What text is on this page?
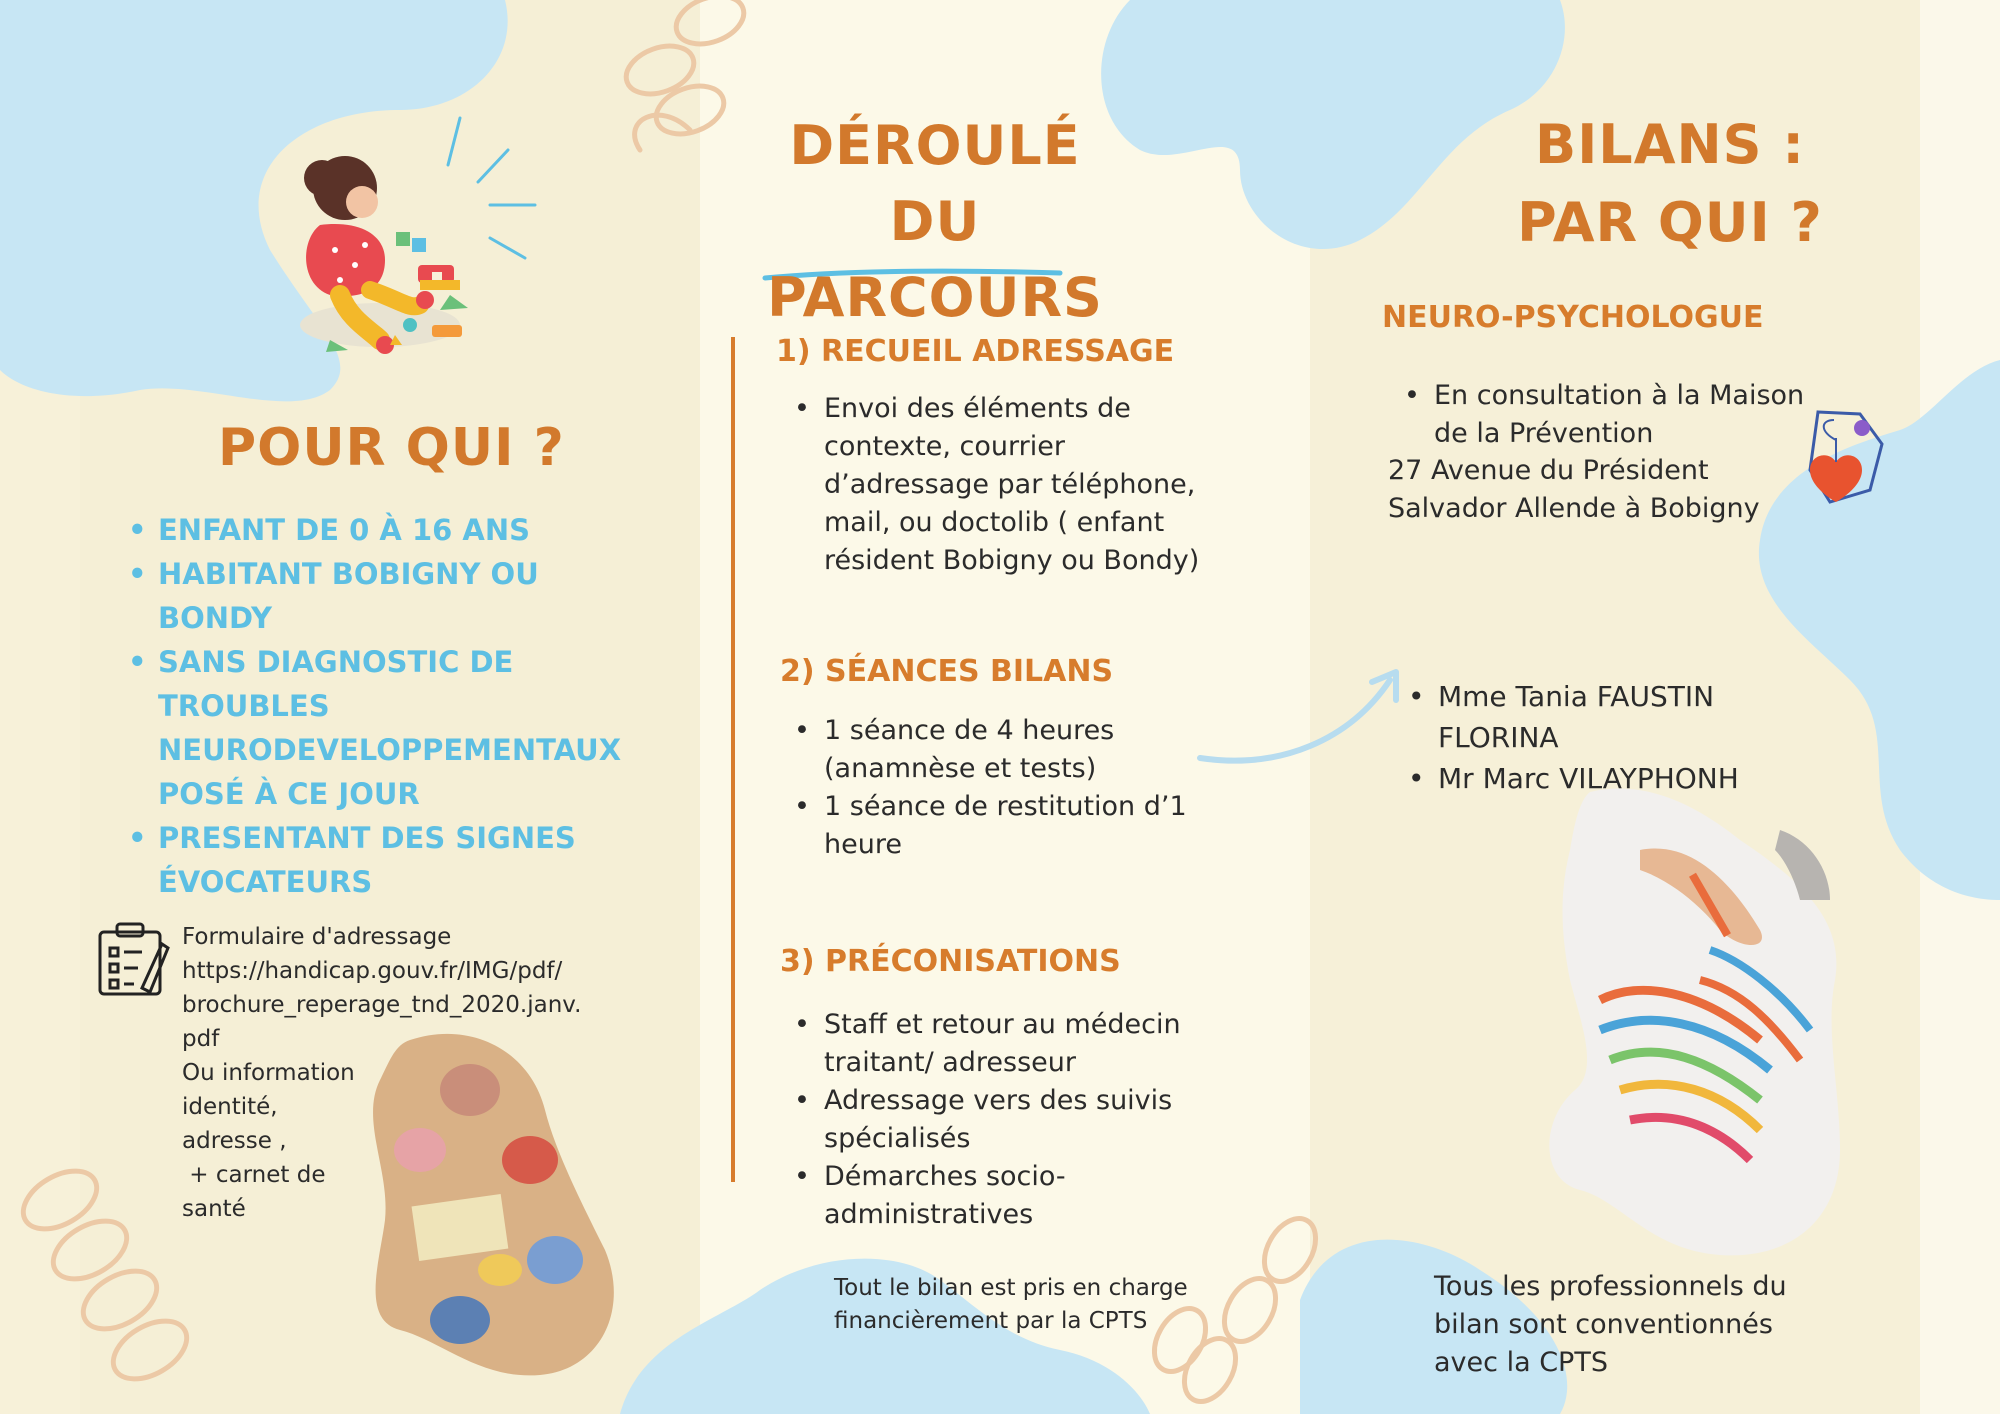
POUR QUI ?
• ENFANT DE 0 À 16 ANS
• HABITANT BOBIGNY OU BONDY
• SANS DIAGNOSTIC DE TROUBLES NEURODEVELOPPEMENTAUX POSÉ À CE JOUR
• PRESENTANT DES SIGNES ÉVOCATEURS
Formulaire d'adressage
https://handicap.gouv.fr/IMG/pdf/
brochure_reperage_tnd_2020.janv.
pdf
Ou information
identité,
adresse ,
+ carnet de
santé
DÉROULÉ DU
PARCOURS
1) RECUEIL ADRESSAGE
• Envoi des éléments de contexte, courrier d’adressage par téléphone, mail, ou doctolib ( enfant résident Bobigny ou Bondy)
2) SÉANCES BILANS
• 1 séance de 4 heures (anamnèse et tests)
• 1 séance de restitution d’1 heure
3) PRÉCONISATIONS
• Staff et retour au médecin traitant/ adresseur
• Adressage vers des suivis spécialisés
• Démarches socio-administratives
Tout le bilan est pris en charge
financièrement par la CPTS
BILANS :
PAR QUI ?
NEURO-PSYCHOLOGUE
• En consultation à la Maison de la Prévention
27 Avenue du Président
Salvador Allende à Bobigny
• Mme Tania FAUSTIN FLORINA
• Mr Marc VILAYPHONH
Tous les professionnels du
bilan sont conventionnés
avec la CPTS
